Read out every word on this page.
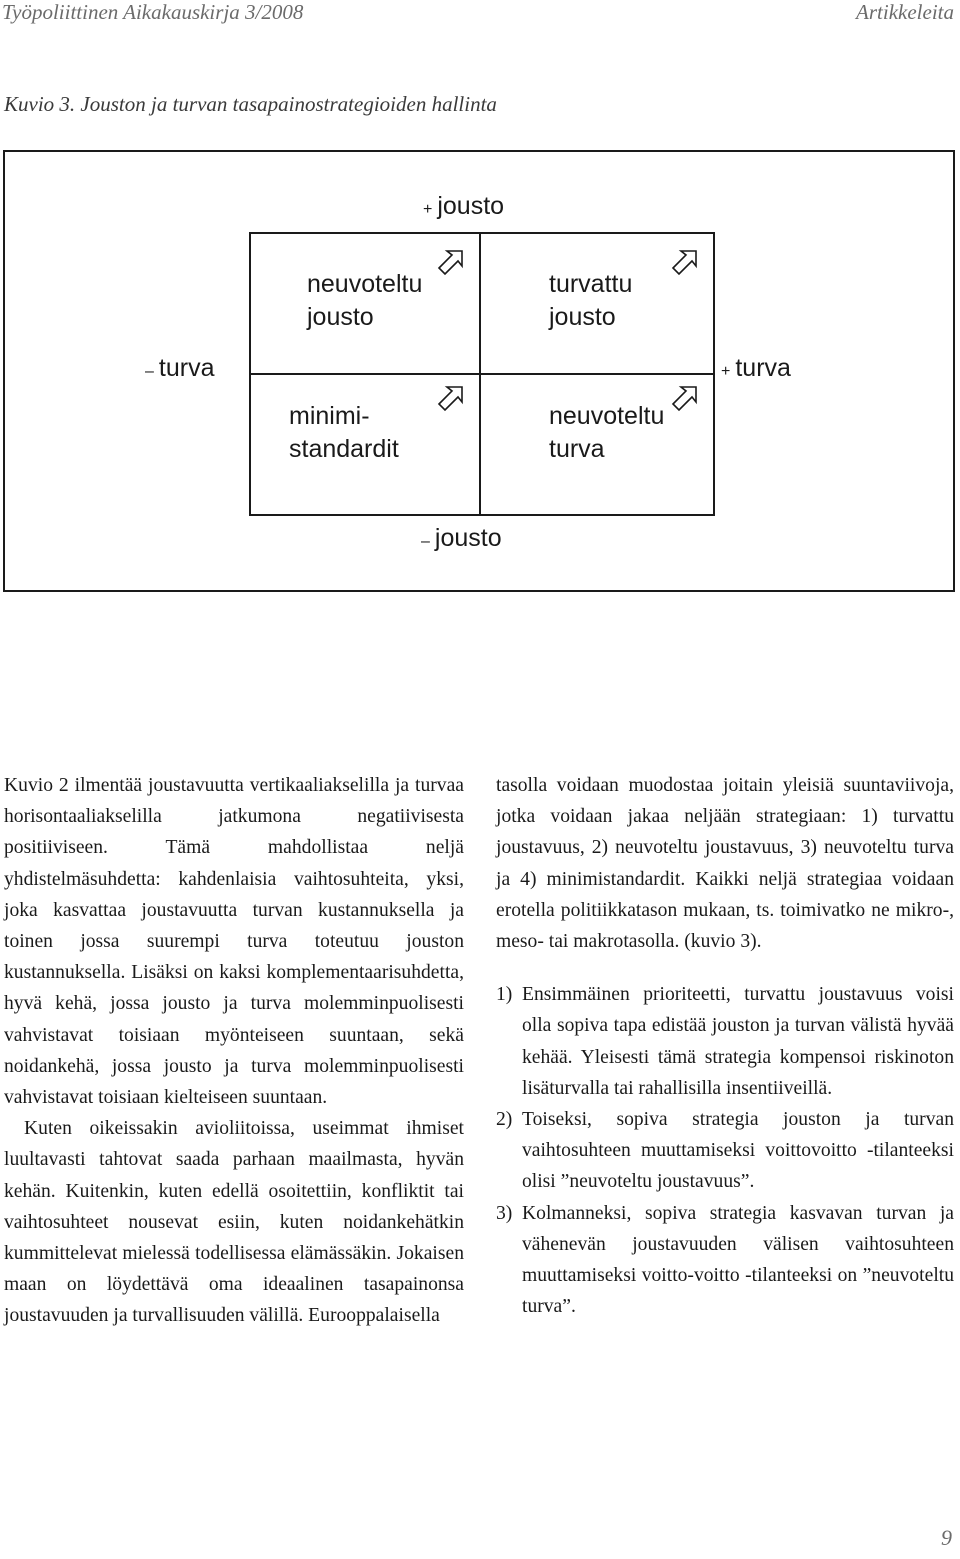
Työpoliittinen Aikakauskirja 3/2008	Artikkeleita
Kuvio 3. Jouston ja turvan tasapainostrategioiden hallinta
+ jousto
– jousto
– turva	+ turva
neuvoteltu
jousto
turvattu
jousto
minimi-
standardit
neuvoteltu
turva

Kuvio 2 ilmentää joustavuutta vertikaaliakselilla ja turvaa horisontaaliakselilla jatkumona negatiivisesta positiiviseen. Tämä mahdollistaa neljä yhdistelmäsuhdetta: kahdenlaisia vaihtosuhteita, yksi, joka kasvattaa joustavuutta turvan kustannuksella ja toinen jossa suurempi turva toteutuu jouston kustannuksella. Lisäksi on kaksi komplementaarisuhdetta, hyvä kehä, jossa jousto ja turva molemminpuolisesti vahvistavat toisiaan myönteiseen suuntaan, sekä noidankehä, jossa jousto ja turva molemminpuolisesti vahvistavat toisiaan kielteiseen suuntaan.

Kuten oikeissakin avioliitoissa, useimmat ihmiset luultavasti tahtovat saada parhaan maailmasta, hyvän kehän. Kuitenkin, kuten edellä osoitettiin, konfliktit tai vaihtosuhteet nousevat esiin, kuten noidankehätkin kummittelevat mielessä todellisessa elämässäkin. Jokaisen maan on löydettävä oma ideaalinen tasapainonsa joustavuuden ja turvallisuuden välillä. Eurooppalaisella

tasolla voidaan muodostaa joitain yleisiä suuntaviivoja, jotka voidaan jakaa neljään strategiaan: 1) turvattu joustavuus, 2) neuvoteltu joustavuus, 3) neuvoteltu turva ja 4) minimistandardit. Kaikki neljä strategiaa voidaan erotella politiikkatason mukaan, ts. toimivatko ne mikro-, meso- tai makrotasolla. (kuvio 3).

1) Ensimmäinen prioriteetti, turvattu joustavuus voisi olla sopiva tapa edistää jouston ja turvan välistä hyvää kehää. Yleisesti tämä strategia kompensoi riskinoton lisäturvalla tai rahallisilla insentiiveillä.
2) Toiseksi, sopiva strategia jouston ja turvan vaihtosuhteen muuttamiseksi voittovoitto -tilanteeksi olisi ”neuvoteltu joustavuus”.
3) Kolmanneksi, sopiva strategia kasvavan turvan ja vähenevän joustavuuden välisen vaihtosuhteen muuttamiseksi voitto-voitto -tilanteeksi on ”neuvoteltu turva”.
9
